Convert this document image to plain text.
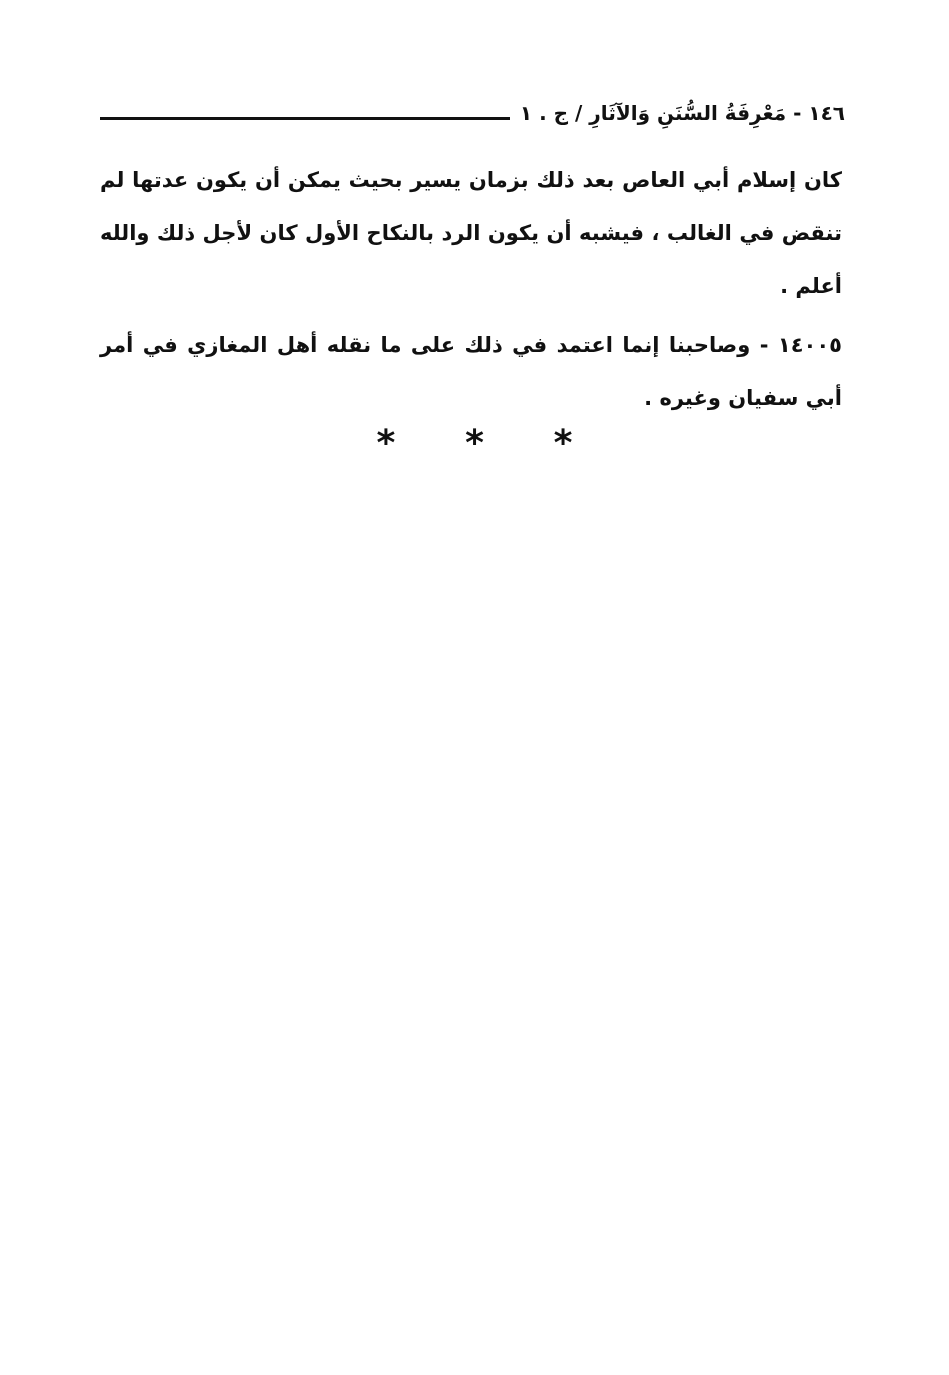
١٤٦ - مَعْرِفَةُ السُّنَنِ وَالآثَارِ / ج . ١

كان إسلام أبي العاص بعد ذلك بزمان يسير بحيث يمكن أن يكون عدتها لم تنقض في الغالب ، فيشبه أن يكون الرد بالنكاح الأول كان لأجل ذلك والله أعلم .

١٤٠٠٥ - وصاحبنا إنما اعتمد في ذلك على ما نقله أهل المغازي في أمر أبي سفيان وغيره .

* * *
